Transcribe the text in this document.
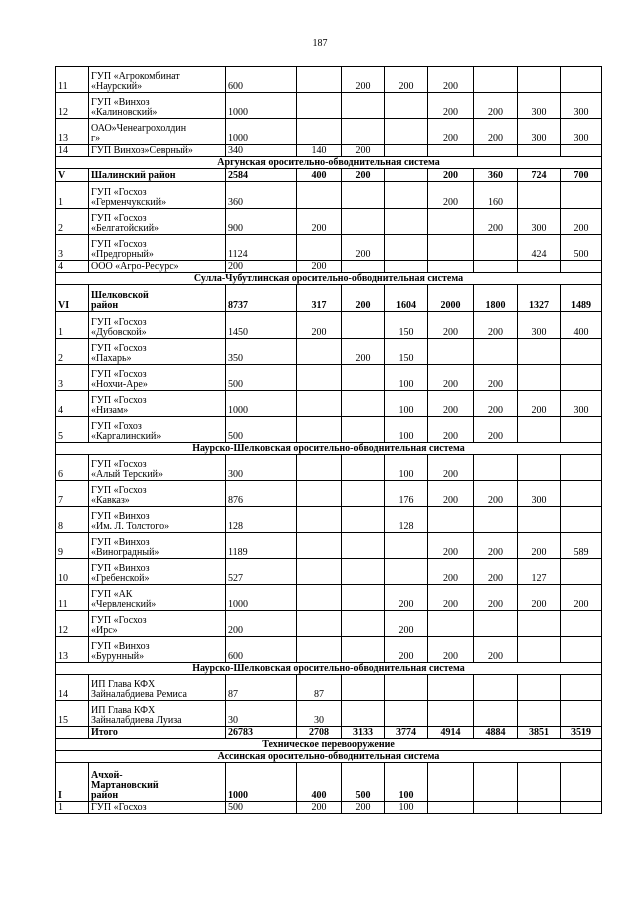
187
11	ГУП «Агрокомбинат
«Наурский»	600		200	200	200			
12	ГУП «Винхоз
«Калиновский»	1000				200	200	300	300
13	ОАО»Ченеагрохолдин
г»	1000				200	200	300	300
14	ГУП Винхоз»Севрный»	340	140	200					
Аргунская оросительно-обводнительная система									
V	Шалинский район	2584	400	200		200	360	724	700
1	ГУП «Госхоз
«Герменчукский»	360				200	160		
2	ГУП «Госхоз
«Белгатойский»	900	200				200	300	200
3	ГУП «Госхоз
«Предгорный»	1124		200				424	500
4	ООО «Агро-Ресурс»	200	200						
Сулла-Чубутлинская оросительно-обводнительная система									
VI	Шелковской
район	8737	317	200	1604	2000	1800	1327	1489
1	ГУП «Госхоз
«Дубовской»	1450	200		150	200	200	300	400
2	ГУП «Госхоз
«Пахарь»	350		200	150				
3	ГУП «Госхоз
«Нохчи-Аре»	500			100	200	200		
4	ГУП «Госхоз
«Низам»	1000			100	200	200	200	300
5	ГУП «Гохоз
«Каргалинский»	500			100	200	200		
Наурско-Шелковская оросительно-обводнительная система									
6	ГУП «Госхоз
«Алый Терский»	300			100	200			
7	ГУП «Госхоз
«Кавказ»	876			176	200	200	300	
8	ГУП «Винхоз
«Им. Л. Толстого»	128			128				
9	ГУП «Винхоз
«Виноградный»	1189				200	200	200	589
10	ГУП «Винхоз
«Гребенской»	527				200	200	127	
11	ГУП «АК
«Червленский»	1000			200	200	200	200	200
12	ГУП «Госхоз
«Ирс»	200			200				
13	ГУП «Винхоз
«Бурунный»	600			200	200	200		
Наурско-Шелковская оросительно-обводнительная система									
14	ИП Глава КФХ
Зайналабдиева Ремиса	87	87						
15	ИП Глава КФХ
Зайналабдиева Луиза	30	30						

	Итого	26783	2708	3133	3774	4914	4884	3851	3519
Техническое перевооружение									
Ассинская оросительно-обводнительная система									
I	Ачхой-
Мартановский
район	1000	400	500	100				
1	ГУП «Госхоз	500	200	200	100				
